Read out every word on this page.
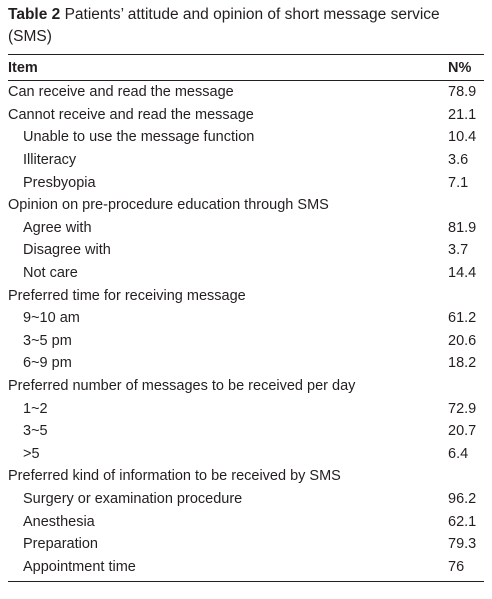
Table 2 Patients’ attitude and opinion of short message service (SMS)
Item	N%
Can receive and read the message	78.9
Cannot receive and read the message	21.1
Unable to use the message function	10.4
Illiteracy	3.6
Presbyopia	7.1
Opinion on pre-procedure education through SMS
Agree with	81.9
Disagree with	3.7
Not care	14.4
Preferred time for receiving message
9~10 am	61.2
3~5 pm	20.6
6~9 pm	18.2
Preferred number of messages to be received per day
1~2	72.9
3~5	20.7
>5	6.4
Preferred kind of information to be received by SMS
Surgery or examination procedure	96.2
Anesthesia	62.1
Preparation	79.3
Appointment time	76
